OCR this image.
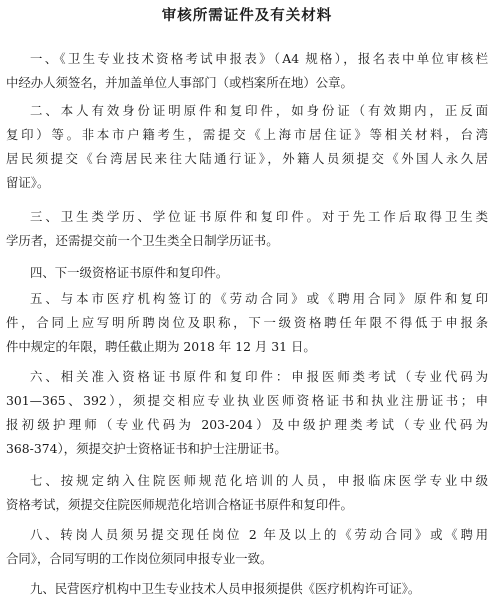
审核所需证件及有关材料
一、《卫生专业技术资格考试申报表》（A4 规格），报名表中单位审核栏
中经办人须签名，并加盖单位人事部门（或档案所在地）公章。
二、本人有效身份证明原件和复印件，如身份证（有效期内，正反面
复印）等。非本市户籍考生，需提交《上海市居住证》等相关材料，台湾
居民须提交《台湾居民来往大陆通行证》，外籍人员须提交《外国人永久居
留证》。
三、卫生类学历、学位证书原件和复印件。对于先工作后取得卫生类
学历者，还需提交前一个卫生类全日制学历证书。
四、下一级资格证书原件和复印件。
五、与本市医疗机构签订的《劳动合同》或《聘用合同》原件和复印
件，合同上应写明所聘岗位及职称，下一级资格聘任年限不得低于申报条
件中规定的年限，聘任截止期为 2018 年 12 月 31 日。
六、相关准入资格证书原件和复印件：申报医师类考试（专业代码为
301—365、392），须提交相应专业执业医师资格证书和执业注册证书；申
报初级护理师（专业代码为 203-204）及中级护理类考试（专业代码为
368-374），须提交护士资格证书和护士注册证书。
七、按规定纳入住院医师规范化培训的人员，申报临床医学专业中级
资格考试，须提交住院医师规范化培训合格证书原件和复印件。
八、转岗人员须另提交现任岗位 2 年及以上的《劳动合同》或《聘用
合同》，合同写明的工作岗位须同申报专业一致。
九、民营医疗机构中卫生专业技术人员申报须提供《医疗机构许可证》。
